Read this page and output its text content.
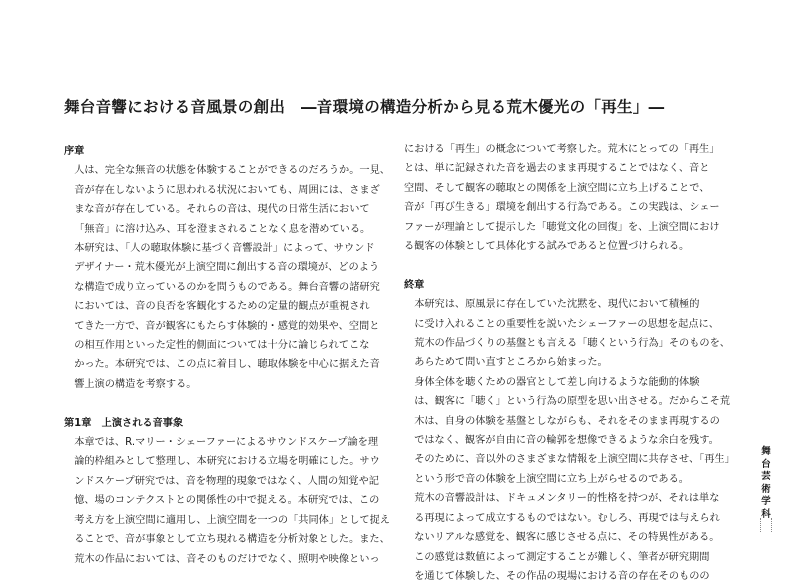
舞台音響における音風景の創出　―音環境の構造分析から見る荒木優光の「再生」―

序章

人は、完全な無音の状態を体験することができるのだろうか。一見、
音が存在しないように思われる状況においても、周囲には、さまざ
まな音が存在している。それらの音は、現代の日常生活において
「無音」に溶け込み、耳を澄まされることなく息を潜めている。

本研究は、「人の聴取体験に基づく音響設計」によって、サウンド
デザイナー・荒木優光が上演空間に創出する音の環境が、どのよう
な構造で成り立っているのかを問うものである。舞台音響の諸研究
においては、音の良否を客観化するための定量的観点が重視され
てきた一方で、音が観客にもたらす体験的・感覚的効果や、空間と
の相互作用といった定性的側面については十分に論じられてこな
かった。本研究では、この点に着目し、聴取体験を中心に据えた音
響上演の構造を考察する。

第1章　上演される音事象

本章では、R.マリー・シェーファーによるサウンドスケープ論を理
論的枠組みとして整理し、本研究における立場を明確にした。サウ
ンドスケープ研究では、音を物理的現象ではなく、人間の知覚や記
憶、場のコンテクストとの関係性の中で捉える。本研究では、この
考え方を上演空間に適用し、上演空間を一つの「共同体」として捉え
ることで、音が事象として立ち現れる構造を分析対象とした。また、
荒木の作品においては、音そのものだけでなく、照明や映像といっ

における「再生」の概念について考察した。荒木にとっての「再生」
とは、単に記録された音を過去のまま再現することではなく、音と
空間、そして観客の聴取との関係を上演空間に立ち上げることで、
音が「再び生きる」環境を創出する行為である。この実践は、シェー
ファーが理論として提示した「聴覚文化の回復」を、上演空間におけ
る観客の体験として具体化する試みであると位置づけられる。

終章

本研究は、原風景に存在していた沈黙を、現代において積極的
に受け入れることの重要性を説いたシェーファーの思想を起点に、
荒木の作品づくりの基盤とも言える「聴くという行為」そのものを、
あらためて問い直すところから始まった。

身体全体を聴くための器官として差し向けるような能動的体験
は、観客に「聴く」という行為の原型を思い出させる。だからこそ荒
木は、自身の体験を基盤としながらも、それをそのまま再現するの
ではなく、観客が自由に音の輪郭を想像できるような余白を残す。
そのために、音以外のさまざまな情報を上演空間に共存させ、「再生」
という形で音の体験を上演空間に立ち上がらせるのである。

荒木の音響設計は、ドキュメンタリー的性格を持つが、それは単な
る再現によって成立するものではない。むしろ、再現では与えられ
ないリアルな感覚を、観客に感じさせる点に、その特異性がある。
この感覚は数値によって測定することが難しく、筆者が研究期間
を通じて体験した、その作品の現場における音の存在そのものの

舞
台
芸
術
学
科
